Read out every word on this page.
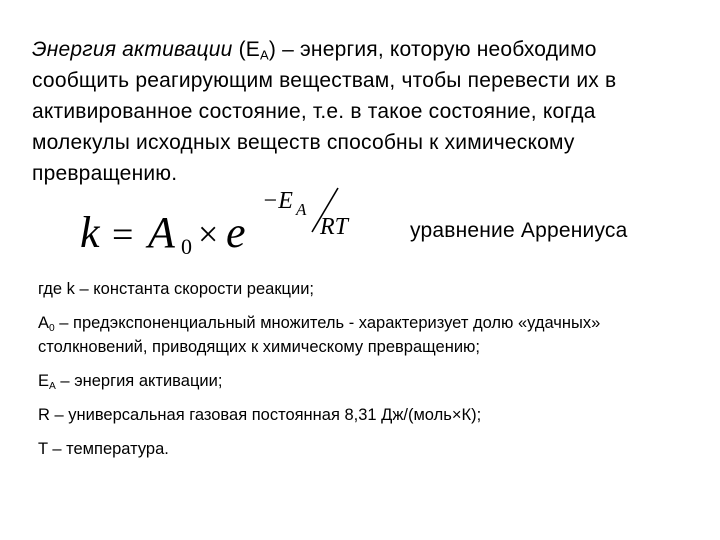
Энергия активации $(E_A)$ – энергия, которую необходимо сообщить реагирующим веществам, чтобы перевести их в активированное состояние, т.е. в такое состояние, когда молекулы исходных веществ способны к химическому превращению.
k = A 0 × e
−E A
RT	уравнение Аррениуса
где k – константа скорости реакции;
$A_0$ – предэкспоненциальный множитель - характеризует долю «удачных» столкновений, приводящих к химическому превращению;
$E_A$ – энергия активации;
R – универсальная газовая постоянная 8,31 Дж/(моль×К);
T – температура.
